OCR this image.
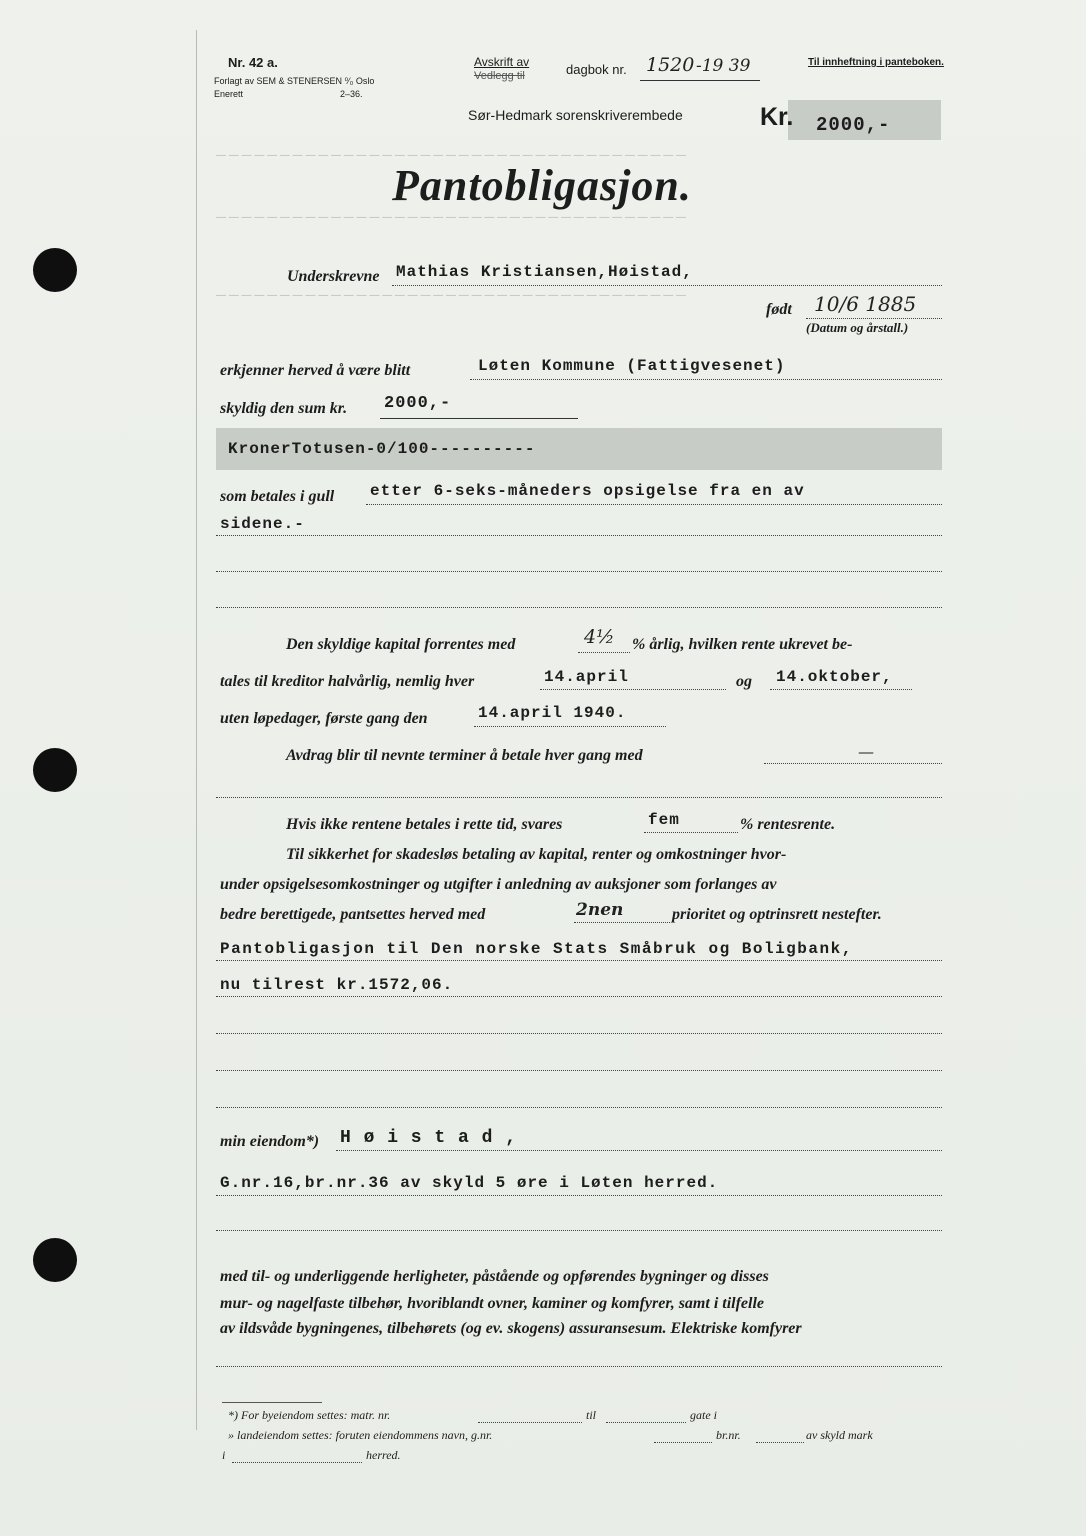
— — — — — — — — — — — — — — — — — — — — — — — — — — — — — — — — — — — — —
— — — — — — — — — — — — — — — — — — — — — — — — — — — — — — — — — — — — —
— — — — — — — — — — — — — — — — — — — — — — — — — — — — — — — — — — — — —
Nr. 42 a.
Forlagt av SEM & STENERSEN ⁰⁄₀ Oslo
Enerett	2–36.
Avskrift av
Vedlegg til	dagbok nr. 1520 -19 39	Til innheftning i panteboken.
Sør-Hedmark sorenskriverembede	Kr. 2000,-
Pantobligasjon.
Underskrevne Mathias Kristiansen,Høistad,
født 10/6 1885
(Datum og årstall.)
erkjenner herved å være blitt	Løten Kommune (Fattigvesenet)
skyldig den sum kr. 2000,-
KronerTotusen-0/100----------
som betales i gull etter 6-seks-måneders opsigelse fra en av
sidene.-
Den skyldige kapital forrentes med	4½ % årlig, hvilken rente ukrevet be-
tales til kreditor halvårlig, nemlig hver	14.april	og 14.oktober,
uten løpedager, første gang den	14.april 1940.
Avdrag blir til nevnte terminer å betale hver gang med	—
Hvis ikke rentene betales i rette tid, svares	fem	% rentesrente.
Til sikkerhet for skadesløs betaling av kapital, renter og omkostninger hvor-
under opsigelsesomkostninger og utgifter i anledning av auksjoner som forlanges av
bedre berettigede, pantsettes herved med	2nen	prioritet og optrinsrett nestefter.
Pantobligasjon til Den norske Stats Småbruk og Boligbank,
nu tilrest kr.1572,06.
min eiendom*) H ø i s t a d ,
G.nr.16,br.nr.36 av skyld 5 øre i Løten herred.
med til- og underliggende herligheter, påstående og opførendes bygninger og disses
mur- og nagelfaste tilbehør, hvoriblandt ovner, kaminer og komfyrer, samt i tilfelle
av ildsvåde bygningenes, tilbehørets (og ev. skogens) assuransesum. Elektriske komfyrer
*) For byeiendom settes: matr. nr.	til	gate i
» landeiendom settes: foruten eiendommens navn, g.nr.	br.nr.	av skyld mark
i	herred.
